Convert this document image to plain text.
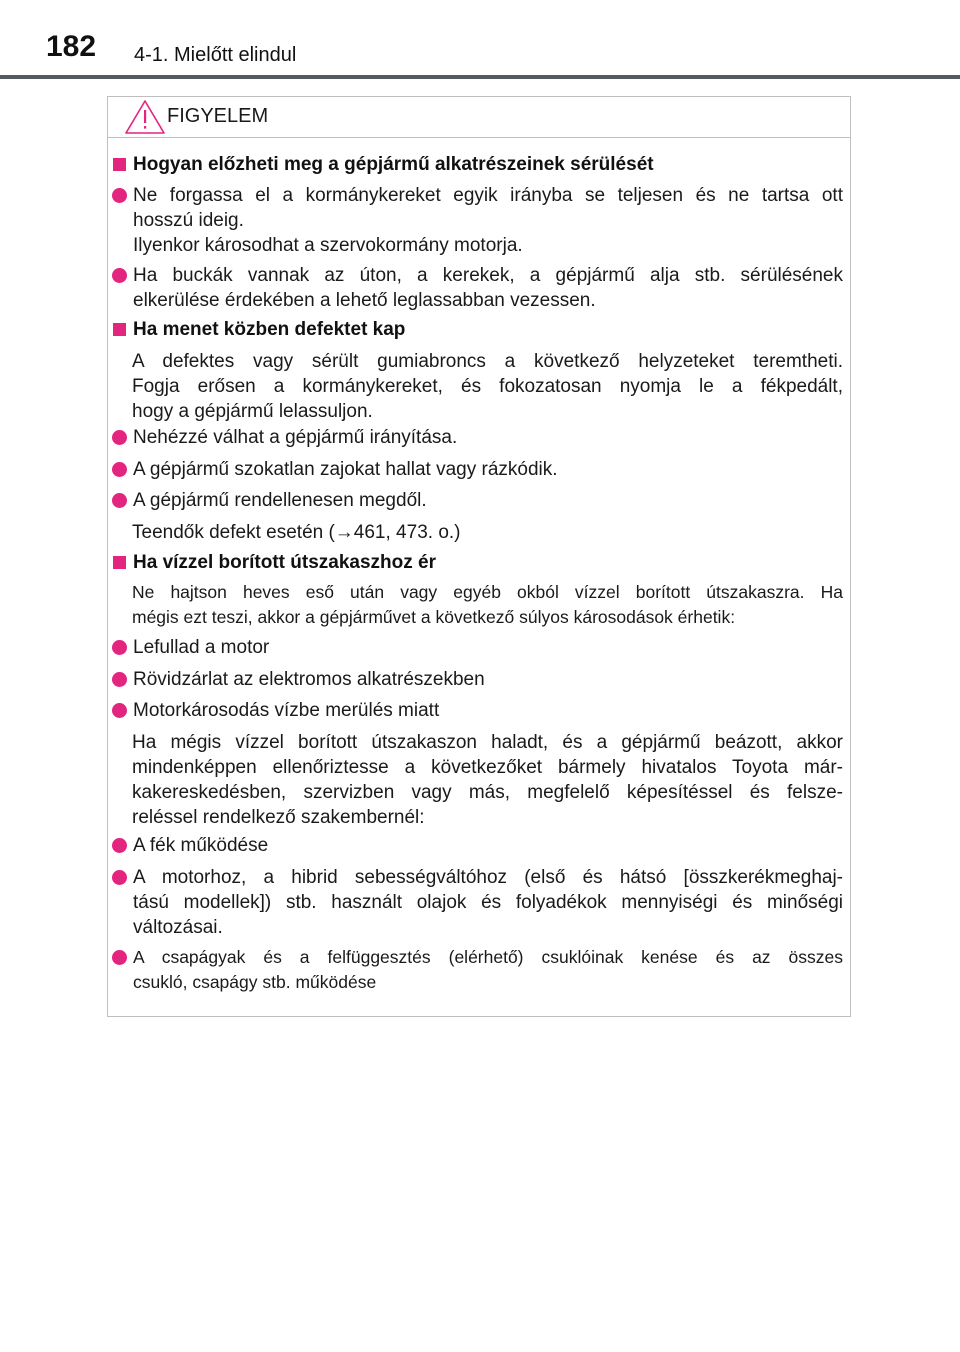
182 4-1. Mielőtt elindul
FIGYELEM
Hogyan előzheti meg a gépjármű alkatrészeinek sérülését
Ne forgassa el a kormánykereket egyik irányba se teljesen és ne tartsa ott
hosszú ideig.
Ilyenkor károsodhat a szervokormány motorja.
Ha buckák vannak az úton, a kerekek, a gépjármű alja stb. sérülésének
elkerülése érdekében a lehető leglassabban vezessen.
Ha menet közben defektet kap
A defektes vagy sérült gumiabroncs a következő helyzeteket teremtheti.
Fogja erősen a kormánykereket, és fokozatosan nyomja le a fékpedált,
hogy a gépjármű lelassuljon.
Nehézzé válhat a gépjármű irányítása.
A gépjármű szokatlan zajokat hallat vagy rázkódik.
A gépjármű rendellenesen megdől.
Teendők defekt esetén (→461, 473. o.)
Ha vízzel borított útszakaszhoz ér
Ne hajtson heves eső után vagy egyéb okból vízzel borított útszakaszra. Ha
mégis ezt teszi, akkor a gépjárművet a következő súlyos károsodások érhetik:
Lefullad a motor
Rövidzárlat az elektromos alkatrészekben
Motorkárosodás vízbe merülés miatt
Ha mégis vízzel borított útszakaszon haladt, és a gépjármű beázott, akkor
mindenképpen ellenőriztesse a következőket bármely hivatalos Toyota már-
kakereskedésben, szervizben vagy más, megfelelő képesítéssel és felsze-
reléssel rendelkező szakembernél:
A fék működése
A motorhoz, a hibrid sebességváltóhoz (első és hátsó [összkerékmeghaj-
tású modellek]) stb. használt olajok és folyadékok mennyiségi és minőségi
változásai.
A csapágyak és a felfüggesztés (elérhető) csuklóinak kenése és az összes
csukló, csapágy stb. működése
